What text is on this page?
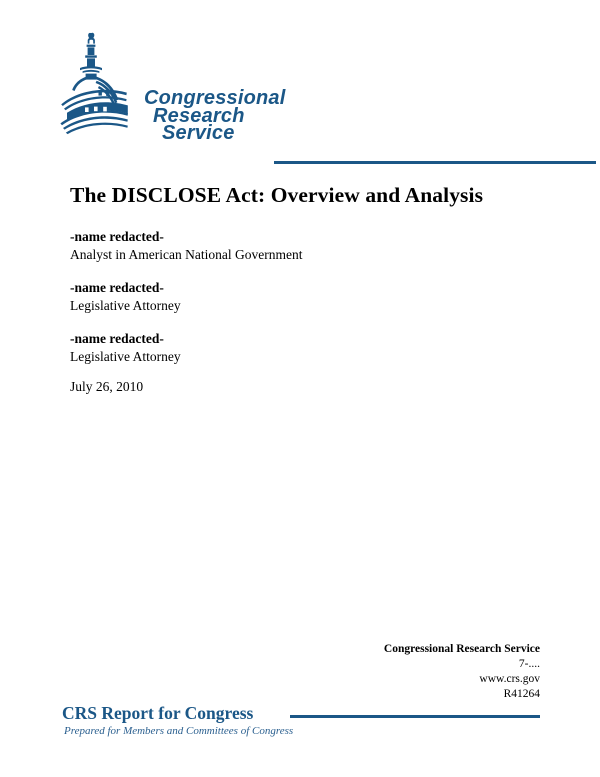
Congressional
Research
Service
The DISCLOSE Act: Overview and Analysis
-name redacted-
Analyst in American National Government
-name redacted-
Legislative Attorney
-name redacted-
Legislative Attorney
July 26, 2010
Congressional Research Service
7-....
www.crs.gov
R41264
CRS Report for Congress
Prepared for Members and Committees of Congress
